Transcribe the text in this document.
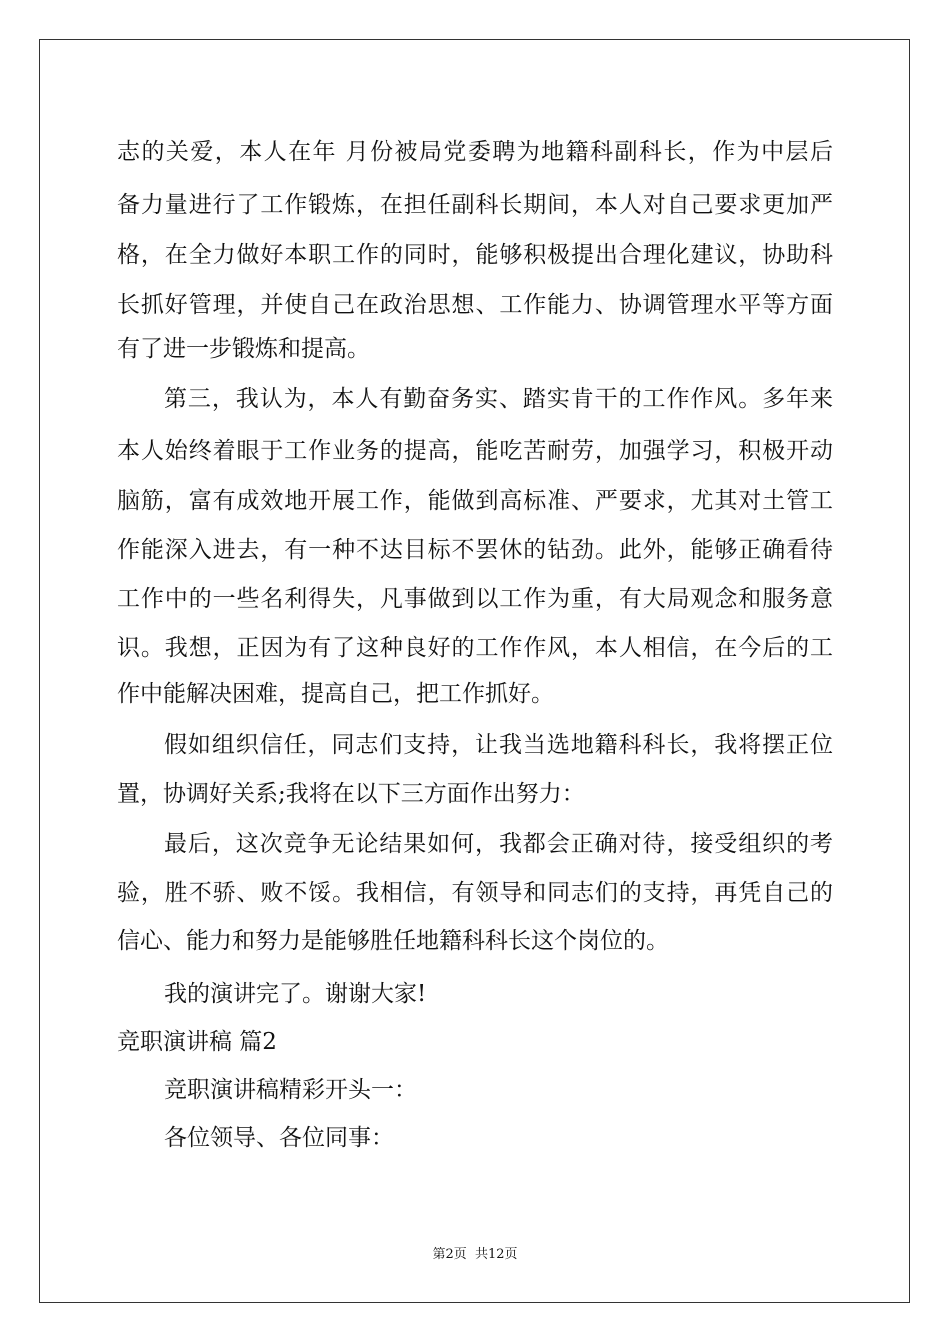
志的关爱，本人在年 月份被局党委聘为地籍科副科长，作为中层后
备力量进行了工作锻炼，在担任副科长期间，本人对自己要求更加严
格，在全力做好本职工作的同时，能够积极提出合理化建议，协助科
长抓好管理，并使自己在政治思想、工作能力、协调管理水平等方面
有了进一步锻炼和提高。
第三，我认为，本人有勤奋务实、踏实肯干的工作作风。多年来
本人始终着眼于工作业务的提高，能吃苦耐劳，加强学习，积极开动
脑筋，富有成效地开展工作，能做到高标准、严要求，尤其对土管工
作能深入进去，有一种不达目标不罢休的钻劲。此外，能够正确看待
工作中的一些名利得失，凡事做到以工作为重，有大局观念和服务意
识。我想，正因为有了这种良好的工作作风，本人相信，在今后的工
作中能解决困难，提高自己，把工作抓好。
假如组织信任，同志们支持，让我当选地籍科科长，我将摆正位
置，协调好关系;我将在以下三方面作出努力：
最后，这次竞争无论结果如何，我都会正确对待，接受组织的考
验，胜不骄、败不馁。我相信，有领导和同志们的支持，再凭自己的
信心、能力和努力是能够胜任地籍科科长这个岗位的。
我的演讲完了。谢谢大家!
竞职演讲稿 篇2
竞职演讲稿精彩开头一：
各位领导、各位同事：
第2页  共12页
